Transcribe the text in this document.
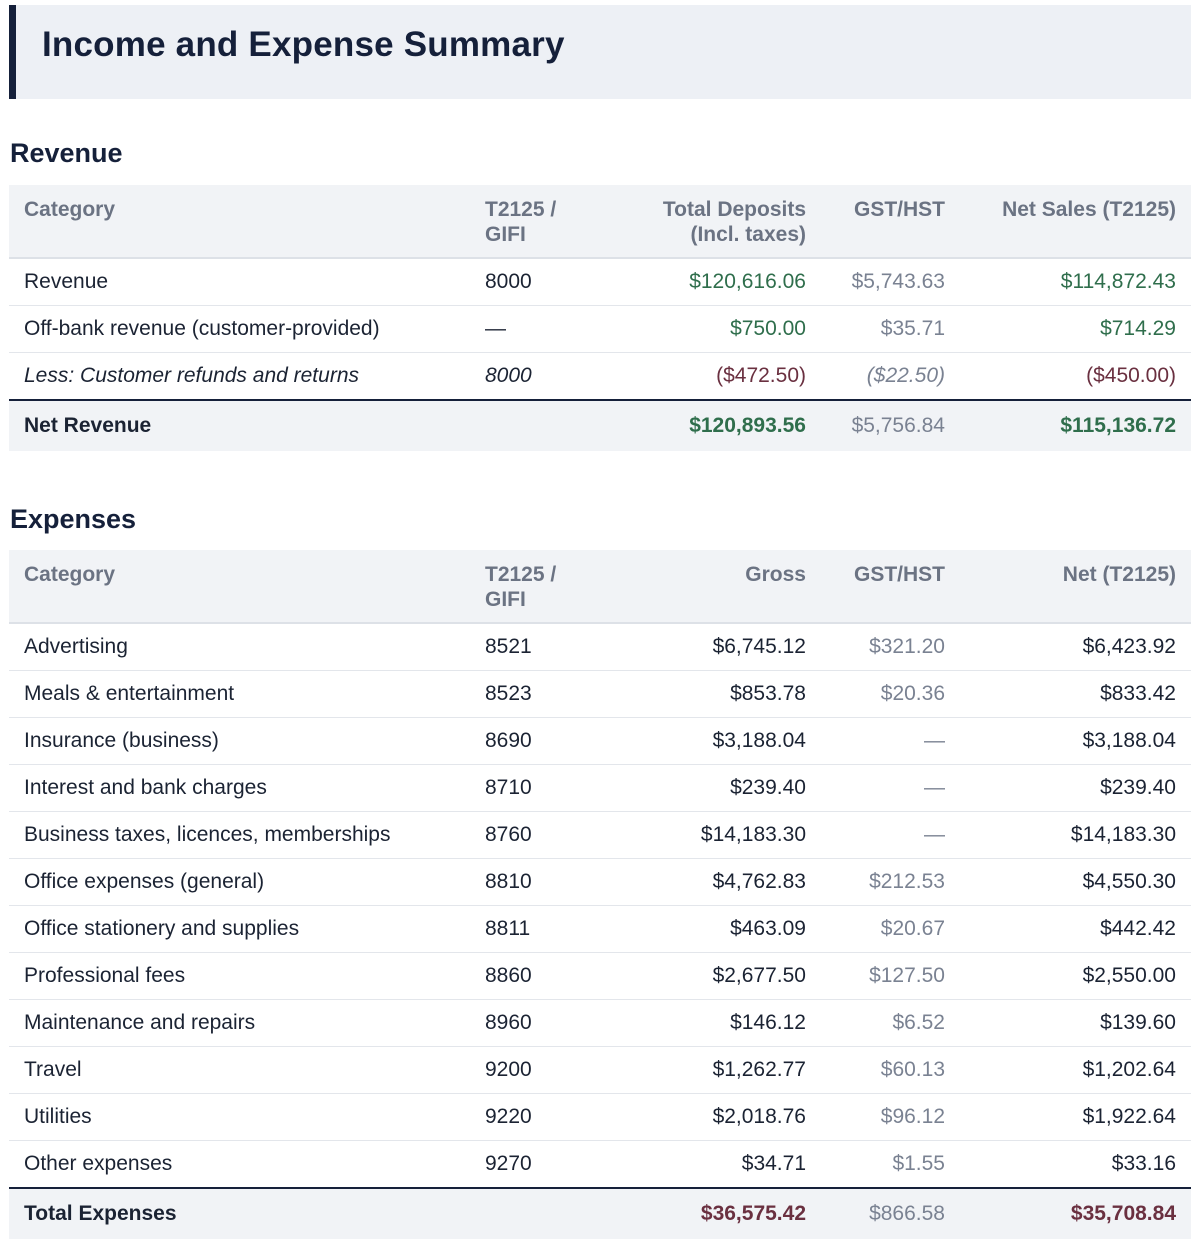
Income and Expense Summary
Revenue
Category	T2125 / GIFI	Total Deposits (Incl. taxes)	GST/HST	Net Sales (T2125)
Revenue	8000	$120,616.06	$5,743.63	$114,872.43
Off-bank revenue (customer-provided)	—	$750.00	$35.71	$714.29
Less: Customer refunds and returns	8000	($472.50)	($22.50)	($450.00)
Net Revenue		$120,893.56	$5,756.84	$115,136.72
Expenses
Category	T2125 / GIFI	Gross	GST/HST	Net (T2125)
Advertising	8521	$6,745.12	$321.20	$6,423.92
Meals & entertainment	8523	$853.78	$20.36	$833.42
Insurance (business)	8690	$3,188.04	—	$3,188.04
Interest and bank charges	8710	$239.40	—	$239.40
Business taxes, licences, memberships	8760	$14,183.30	—	$14,183.30
Office expenses (general)	8810	$4,762.83	$212.53	$4,550.30
Office stationery and supplies	8811	$463.09	$20.67	$442.42
Professional fees	8860	$2,677.50	$127.50	$2,550.00
Maintenance and repairs	8960	$146.12	$6.52	$139.60
Travel	9200	$1,262.77	$60.13	$1,202.64
Utilities	9220	$2,018.76	$96.12	$1,922.64
Other expenses	9270	$34.71	$1.55	$33.16
Total Expenses		$36,575.42	$866.58	$35,708.84
